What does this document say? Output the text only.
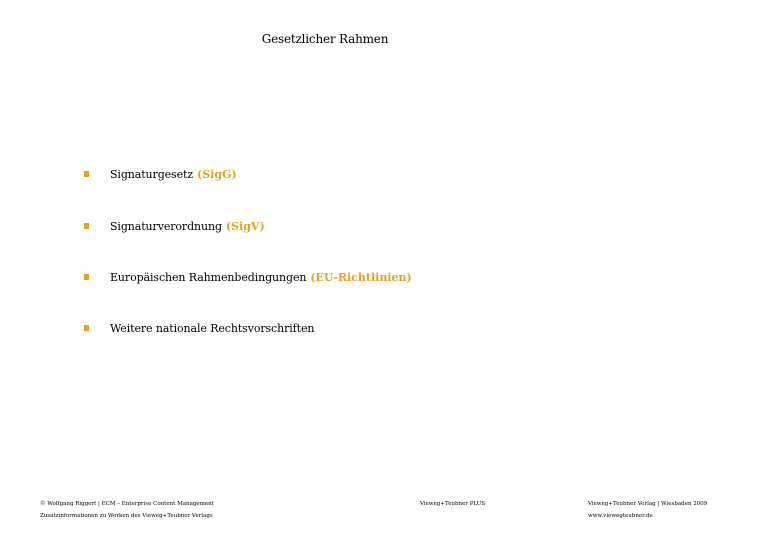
Gesetzlicher Rahmen
Signaturgesetz (SigG)
Signaturverordnung (SigV)
Europäischen Rahmenbedingungen (EU-Richtlinien)
Weitere nationale Rechtsvorschriften
© Wolfgang Riggert | ECM – Enterprise Content Management
Zusatzinformationen zu Werken des Vieweg+Teubner Verlags
Vieweg+Teubner PLUS	Vieweg+Teubner Verlag | Wiesbaden 2009
www.viewegteubner.de
